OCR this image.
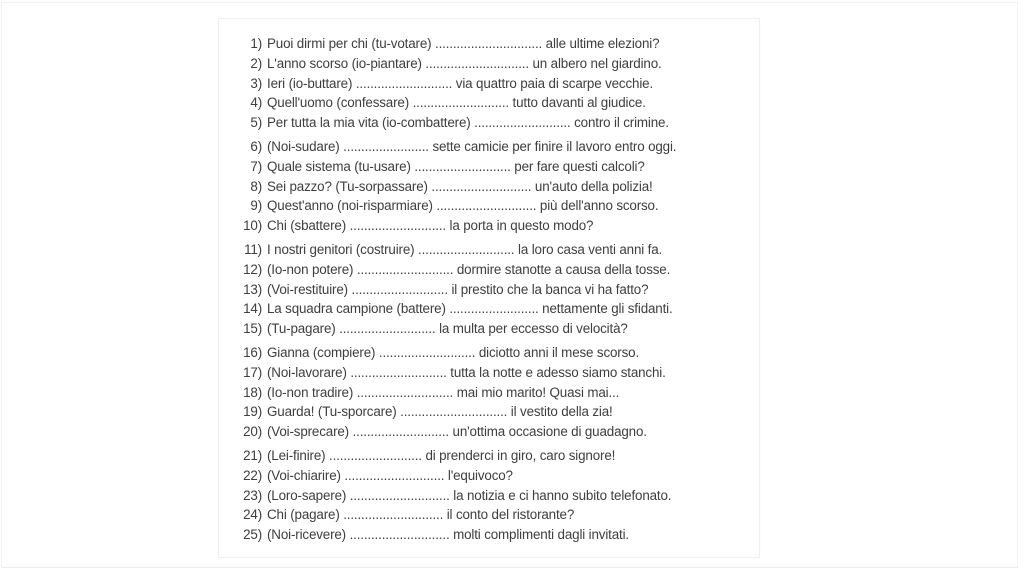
1) Puoi dirmi per chi (tu-votare) .............................. alle ultime elezioni?
2) L'anno scorso (io-piantare) ............................. un albero nel giardino.
3) Ieri (io-buttare) ........................... via quattro paia di scarpe vecchie.
4) Quell'uomo (confessare) ........................... tutto davanti al giudice.
5) Per tutta la mia vita (io-combattere) ........................... contro il crimine.
6) (Noi-sudare) ........................ sette camicie per finire il lavoro entro oggi.
7) Quale sistema (tu-usare) ........................... per fare questi calcoli?
8) Sei pazzo? (Tu-sorpassare) ............................ un'auto della polizia!
9) Quest'anno (noi-risparmiare) ............................ più dell'anno scorso.
10) Chi (sbattere) ........................... la porta in questo modo?
11) I nostri genitori (costruire) ........................... la loro casa venti anni fa.
12) (Io-non potere) ........................... dormire stanotte a causa della tosse.
13) (Voi-restituire) ........................... il prestito che la banca vi ha fatto?
14) La squadra campione (battere) ......................... nettamente gli sfidanti.
15) (Tu-pagare) ........................... la multa per eccesso di velocità?
16) Gianna (compiere) ........................... diciotto anni il mese scorso.
17) (Noi-lavorare) ........................... tutta la notte e adesso siamo stanchi.
18) (Io-non tradire) ........................... mai mio marito! Quasi mai...
19) Guarda! (Tu-sporcare) .............................. il vestito della zia!
20) (Voi-sprecare) ........................... un'ottima occasione di guadagno.
21) (Lei-finire) .......................... di prenderci in giro, caro signore!
22) (Voi-chiarire) ............................ l'equivoco?
23) (Loro-sapere) ............................ la notizia e ci hanno subito telefonato.
24) Chi (pagare) ............................ il conto del ristorante?
25) (Noi-ricevere) ............................ molti complimenti dagli invitati.
